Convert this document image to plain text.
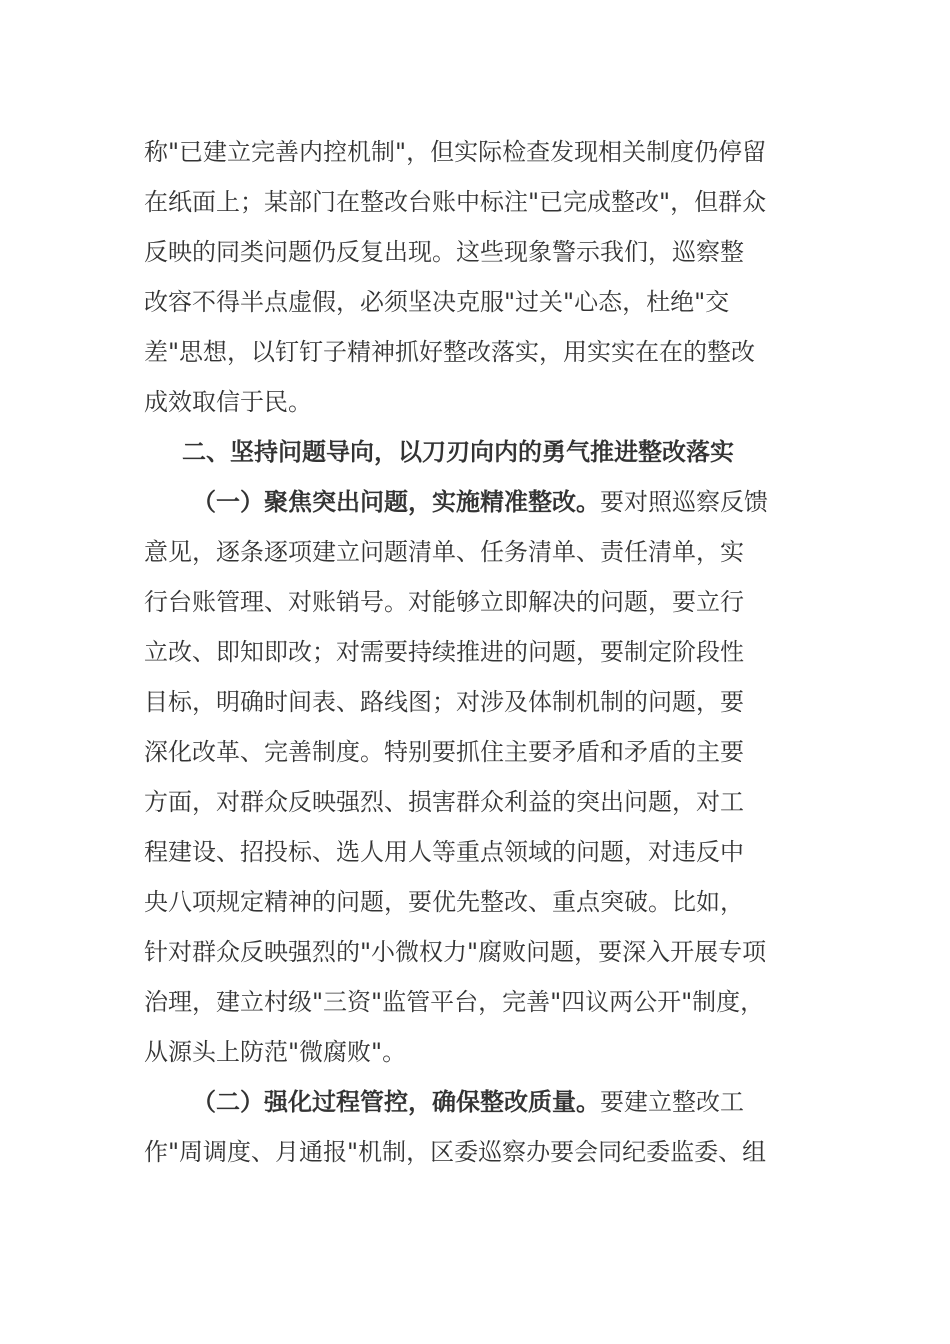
称"已建立完善内控机制"，但实际检查发现相关制度仍停留
在纸面上；某部门在整改台账中标注"已完成整改"，但群众
反映的同类问题仍反复出现。这些现象警示我们，巡察整
改容不得半点虚假，必须坚决克服"过关"心态，杜绝"交
差"思想，以钉钉子精神抓好整改落实，用实实在在的整改
成效取信于民。
二、坚持问题导向，以刀刃向内的勇气推进整改落实
（一）聚焦突出问题，实施精准整改。要对照巡察反馈
意见，逐条逐项建立问题清单、任务清单、责任清单，实
行台账管理、对账销号。对能够立即解决的问题，要立行
立改、即知即改；对需要持续推进的问题，要制定阶段性
目标，明确时间表、路线图；对涉及体制机制的问题，要
深化改革、完善制度。特别要抓住主要矛盾和矛盾的主要
方面，对群众反映强烈、损害群众利益的突出问题，对工
程建设、招投标、选人用人等重点领域的问题，对违反中
央八项规定精神的问题，要优先整改、重点突破。比如，
针对群众反映强烈的"小微权力"腐败问题，要深入开展专项
治理，建立村级"三资"监管平台，完善"四议两公开"制度，
从源头上防范"微腐败"。
（二）强化过程管控，确保整改质量。要建立整改工
作"周调度、月通报"机制，区委巡察办要会同纪委监委、组
